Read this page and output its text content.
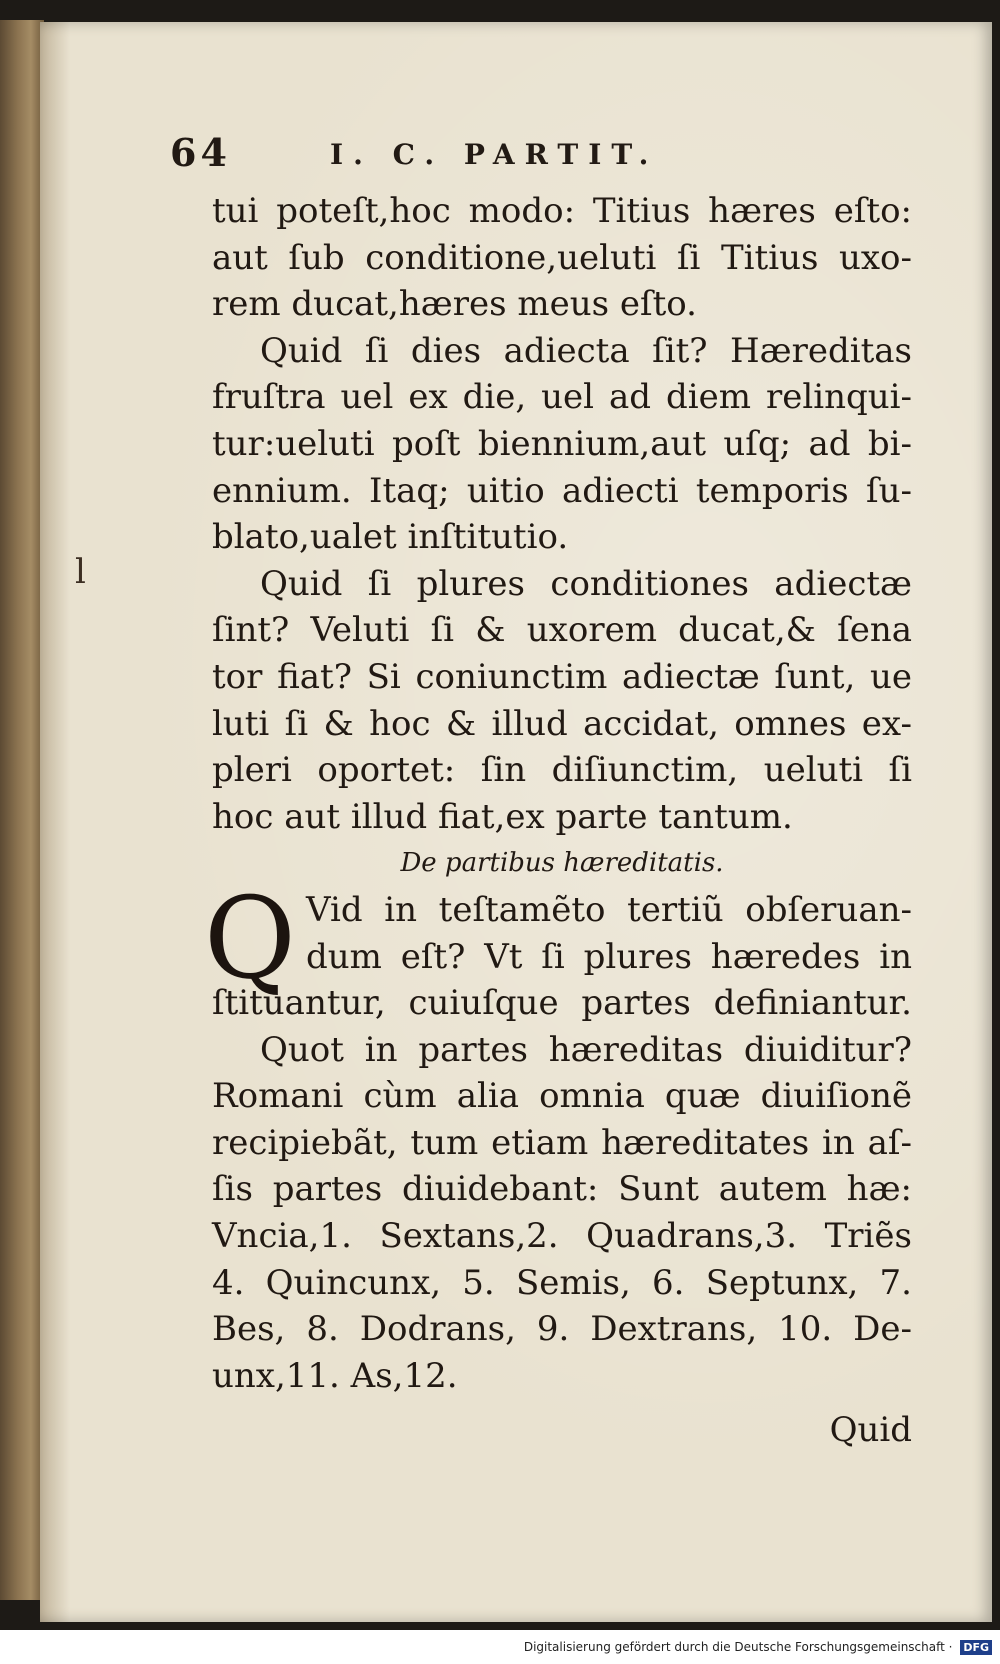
l
64	I. C. PARTIT.
tui poteſt,hoc modo: Titius hæres eſto:
aut ſub conditione,ueluti ſi Titius uxo-
rem ducat,hæres meus eſto.
Quid ſi dies adiecta ſit? Hæreditas
fruſtra uel ex die, uel ad diem relinqui-
tur:ueluti poſt biennium,aut uſq; ad bi-
ennium. Itaq; uitio adiecti temporis ſu-
blato,ualet inſtitutio.
Quid ſi plures conditiones adiectæ
ſint? Veluti ſi & uxorem ducat,& ſena
tor fiat? Si coniunctim adiectæ ſunt, ue
luti ſi & hoc & illud accidat, omnes ex-
pleri oportet: ſin diſiunctim, ueluti ſi
hoc aut illud fiat,ex parte tantum.
De partibus hæreditatis.
Q Vid in teſtamẽto tertiũ obſeruan-
dum eſt? Vt ſi plures hæredes in
ſtituantur, cuiuſque partes definiantur.
Quot in partes hæreditas diuiditur?
Romani cùm alia omnia quæ diuiſionẽ
recipiebãt, tum etiam hæreditates in aſ-
ſis partes diuidebant: Sunt autem hæ:
Vncia,1. Sextans,2. Quadrans,3. Triẽs
4. Quincunx, 5. Semis, 6. Septunx, 7.
Bes, 8. Dodrans, 9. Dextrans, 10. De-
unx,11. As,12.
Quid
Digitalisierung gefördert durch die Deutsche Forschungsgemeinschaft · DFG
